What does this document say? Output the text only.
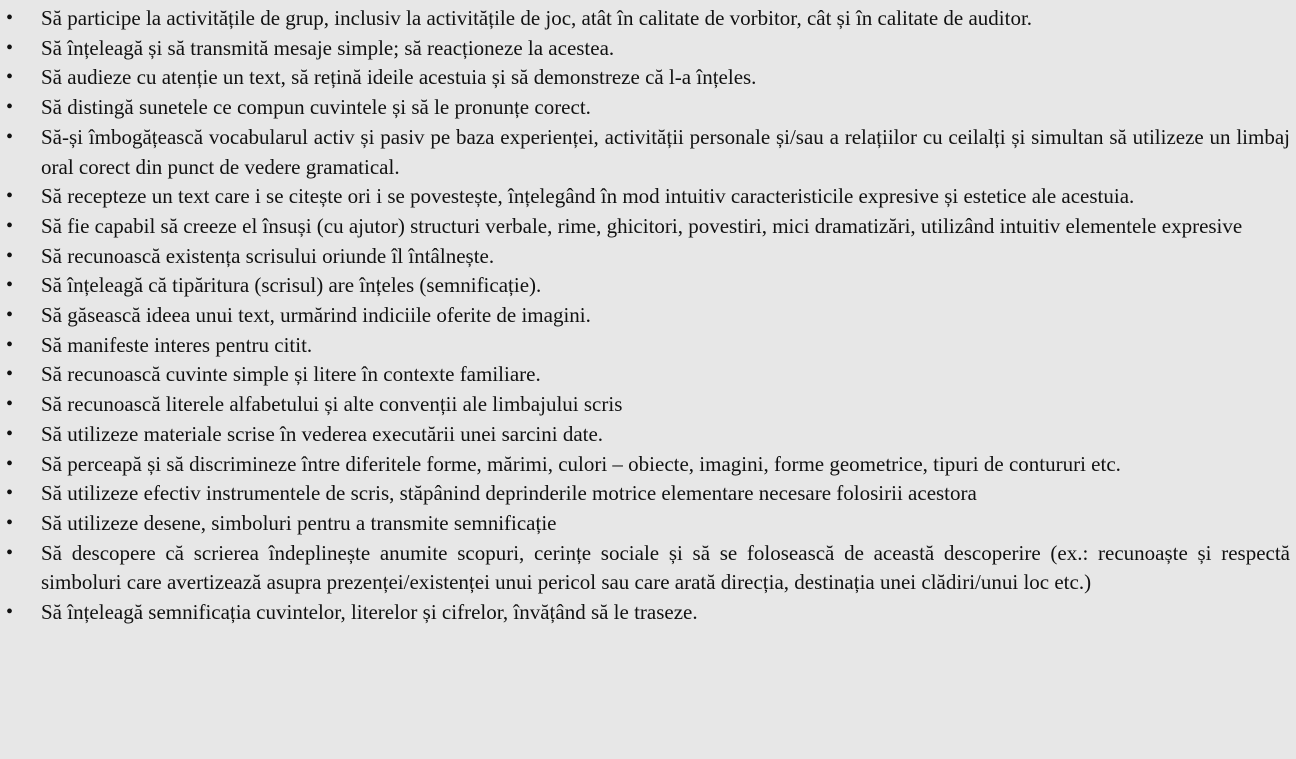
•	Să participe la activitățile de grup, inclusiv la activitățile de joc, atât în calitate de vorbitor, cât și în calitate de auditor.
•	Să înțeleagă și să transmită mesaje simple; să reacționeze la acestea.
•	Să audieze cu atenție un text, să rețină ideile acestuia și să demonstreze că l-a înțeles.
•	Să distingă sunetele ce compun cuvintele și să le pronunțe corect.
•	Să-și îmbogățească vocabularul activ și pasiv pe baza experienței, activității personale și/sau a relațiilor cu ceilalți și simultan să utilizeze un limbaj oral corect din punct de vedere gramatical.
•	Să recepteze un text care i se citește ori i se povestește, înțelegând în mod intuitiv caracteristicile expresive și estetice ale acestuia.
•	Să fie capabil să creeze el însuși (cu ajutor) structuri verbale, rime, ghicitori, povestiri, mici dramatizări, utilizând intuitiv elementele expresive
•	Să recunoască existența scrisului oriunde îl întâlnește.
•	Să înțeleagă că tipăritura (scrisul) are înțeles (semnificație).
•	Să găsească ideea unui text, urmărind indiciile oferite de imagini.
•	Să manifeste interes pentru citit.
•	Să recunoască cuvinte simple și litere în contexte familiare.
•	Să recunoască literele alfabetului și alte convenții ale limbajului scris
•	Să utilizeze materiale scrise în vederea executării unei sarcini date.
•	Să perceapă și să discrimineze între diferitele forme, mărimi, culori – obiecte, imagini, forme geometrice, tipuri de contururi etc.
•	Să utilizeze efectiv instrumentele de scris, stăpânind deprinderile motrice elementare necesare folosirii acestora
•	Să utilizeze desene, simboluri pentru a transmite semnificație
•	Să descopere că scrierea îndeplinește anumite scopuri, cerințe sociale și să se folosească de această descoperire (ex.: recunoaște și respectă simboluri care avertizează asupra prezenței/existenței unui pericol sau care arată direcția, destinația unei clădiri/unui loc etc.)
•	Să înțeleagă semnificația cuvintelor, literelor și cifrelor, învățând să le traseze.
